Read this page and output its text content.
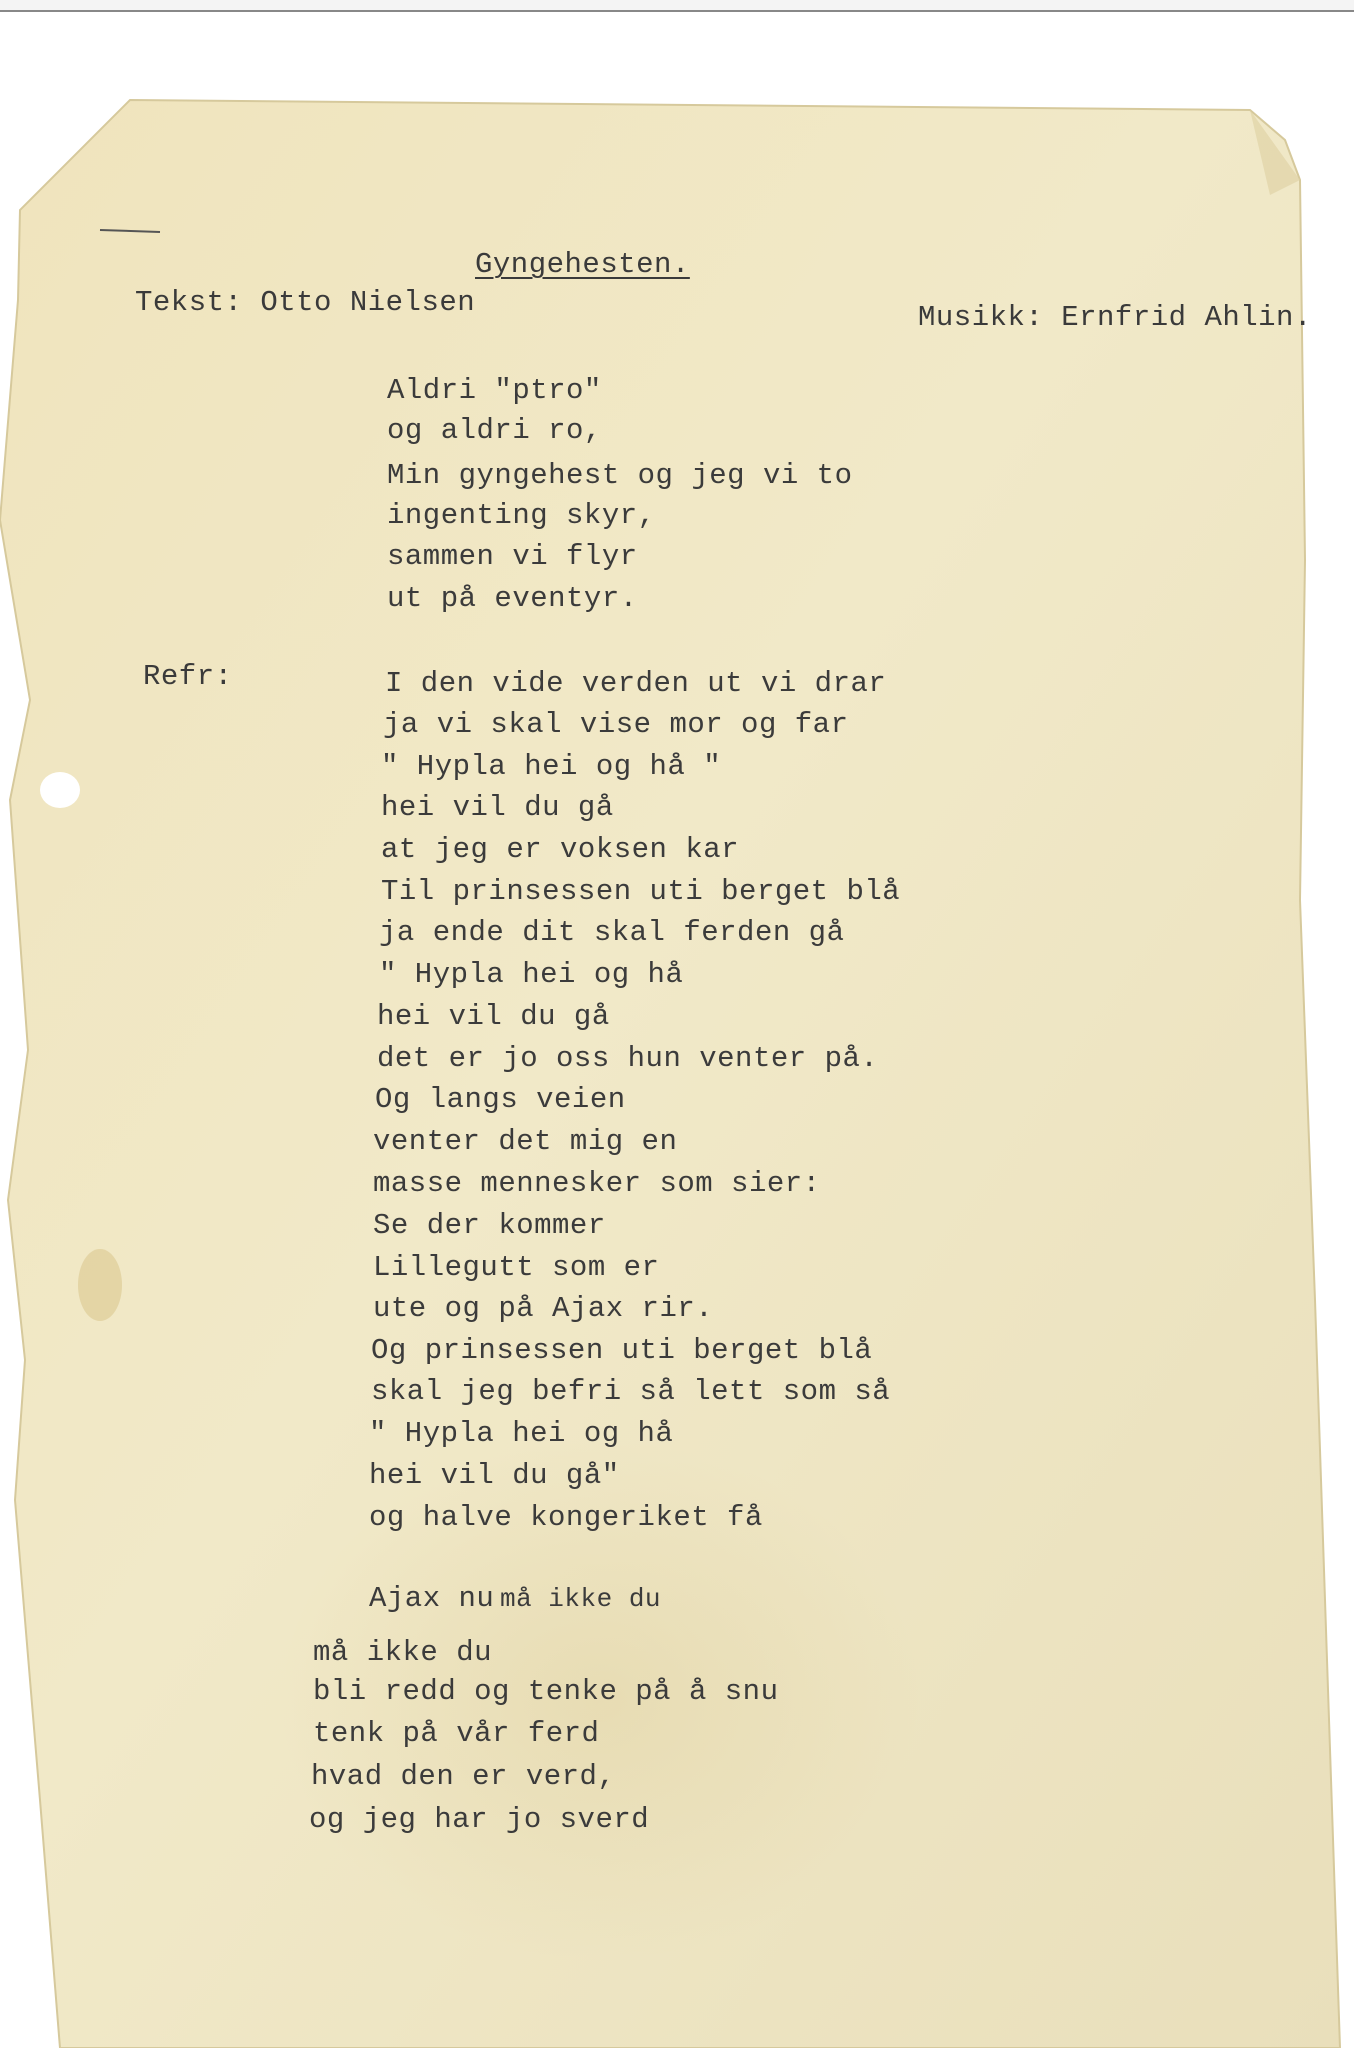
Gyngehesten.
Tekst: Otto Nielsen	Musikk: Ernfrid Ahlin.
Aldri "ptro"
og aldri ro,
Min gyngehest og jeg vi to
ingenting skyr,
sammen vi flyr
ut på eventyr.
Refr:	I den vide verden ut vi drar
ja vi skal vise mor og far
" Hypla hei og hå "
hei vil du gå
at jeg er voksen kar
Til prinsessen uti berget blå
ja ende dit skal ferden gå
" Hypla hei og hå
hei vil du gå
det er jo oss hun venter på.
Og langs veien
venter det mig en
masse mennesker som sier:
Se der kommer
Lillegutt som er
ute og på Ajax rir.
Og prinsessen uti berget blå
skal jeg befri så lett som så
" Hypla hei og hå
hei vil du gå"
og halve kongeriket få
Ajax nu må ikke du
må ikke du
bli redd og tenke på å snu
tenk på vår ferd
hvad den er verd,
og jeg har jo sverd
